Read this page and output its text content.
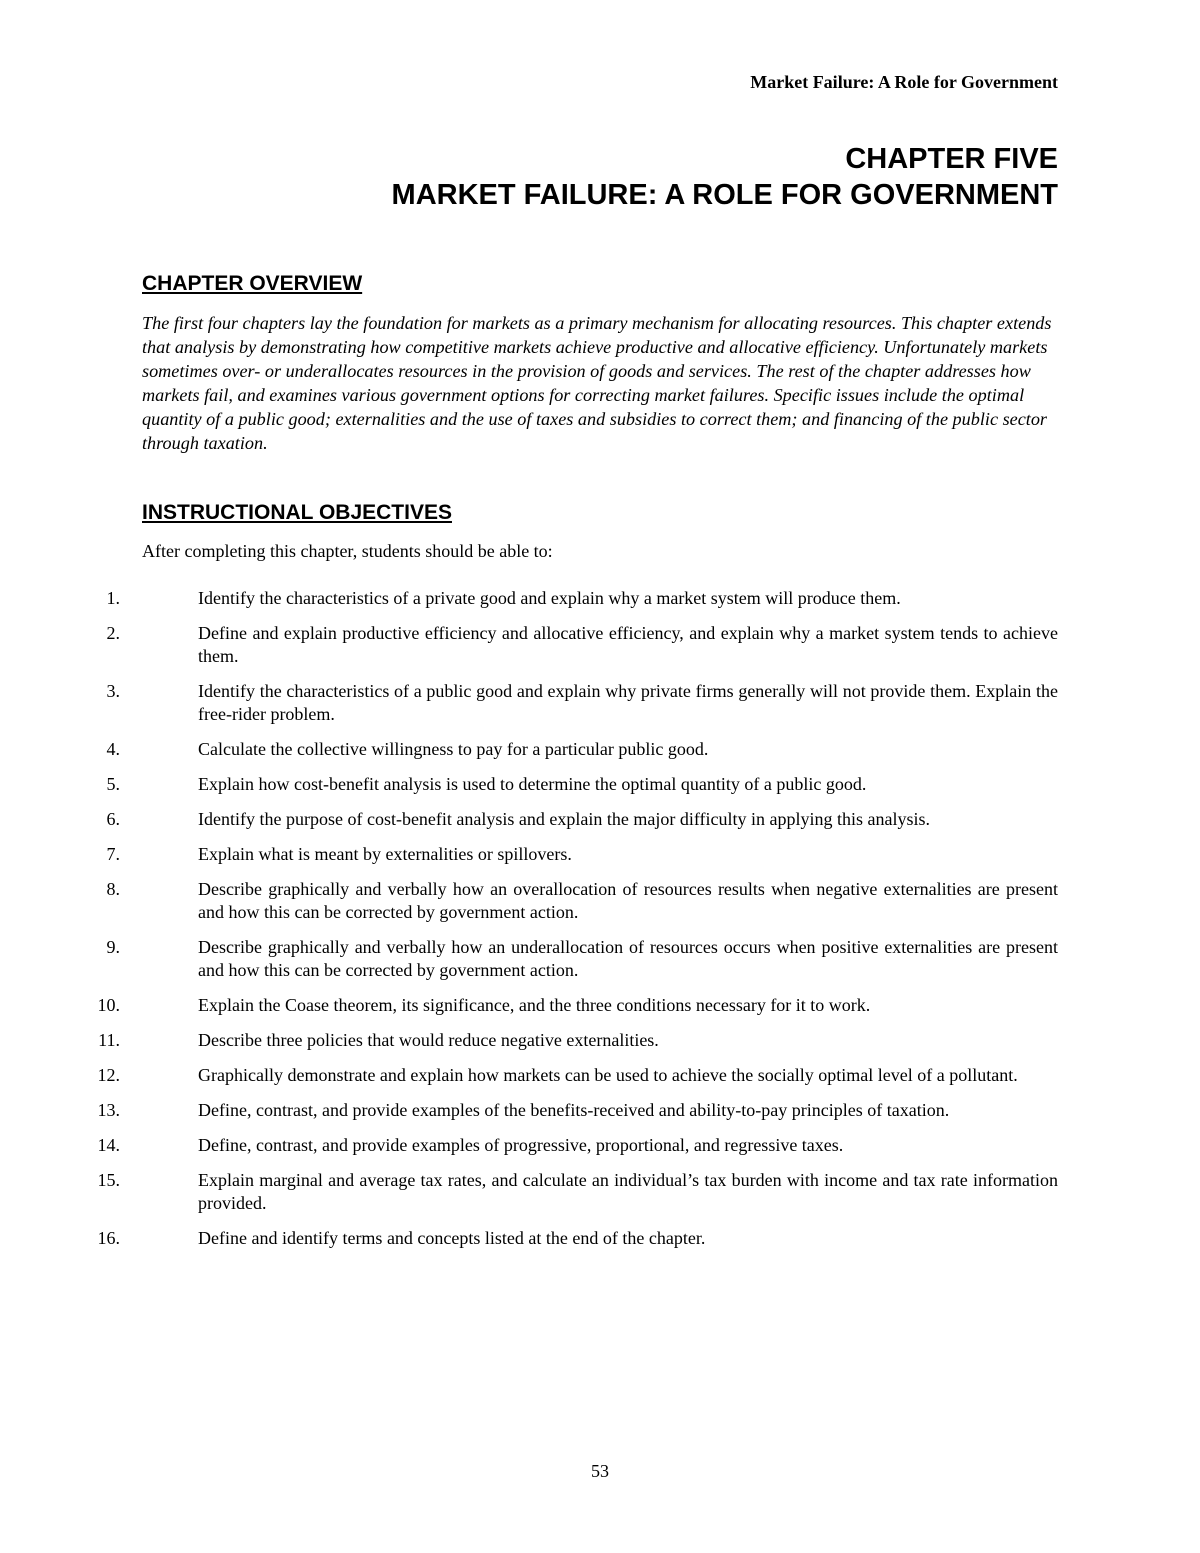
Market Failure: A Role for Government
CHAPTER FIVE
MARKET FAILURE: A ROLE FOR GOVERNMENT
CHAPTER OVERVIEW
The first four chapters lay the foundation for markets as a primary mechanism for allocating resources. This chapter extends that analysis by demonstrating how competitive markets achieve productive and allocative efficiency. Unfortunately markets sometimes over- or underallocates resources in the provision of goods and services. The rest of the chapter addresses how markets fail, and examines various government options for correcting market failures. Specific issues include the optimal quantity of a public good; externalities and the use of taxes and subsidies to correct them; and financing of the public sector through taxation.
INSTRUCTIONAL OBJECTIVES
After completing this chapter, students should be able to:
1.	Identify the characteristics of a private good and explain why a market system will produce them.
2.	Define and explain productive efficiency and allocative efficiency, and explain why a market system tends to achieve them.
3.	Identify the characteristics of a public good and explain why private firms generally will not provide them. Explain the free-rider problem.
4.	Calculate the collective willingness to pay for a particular public good.
5.	Explain how cost-benefit analysis is used to determine the optimal quantity of a public good.
6.	Identify the purpose of cost-benefit analysis and explain the major difficulty in applying this analysis.
7.	Explain what is meant by externalities or spillovers.
8.	Describe graphically and verbally how an overallocation of resources results when negative externalities are present and how this can be corrected by government action.
9.	Describe graphically and verbally how an underallocation of resources occurs when positive externalities are present and how this can be corrected by government action.
10.	Explain the Coase theorem, its significance, and the three conditions necessary for it to work.
11.	Describe three policies that would reduce negative externalities.
12.	Graphically demonstrate and explain how markets can be used to achieve the socially optimal level of a pollutant.
13.	Define, contrast, and provide examples of the benefits-received and ability-to-pay principles of taxation.
14.	Define, contrast, and provide examples of progressive, proportional, and regressive taxes.
15.	Explain marginal and average tax rates, and calculate an individual’s tax burden with income and tax rate information provided.
16.	Define and identify terms and concepts listed at the end of the chapter.
53
